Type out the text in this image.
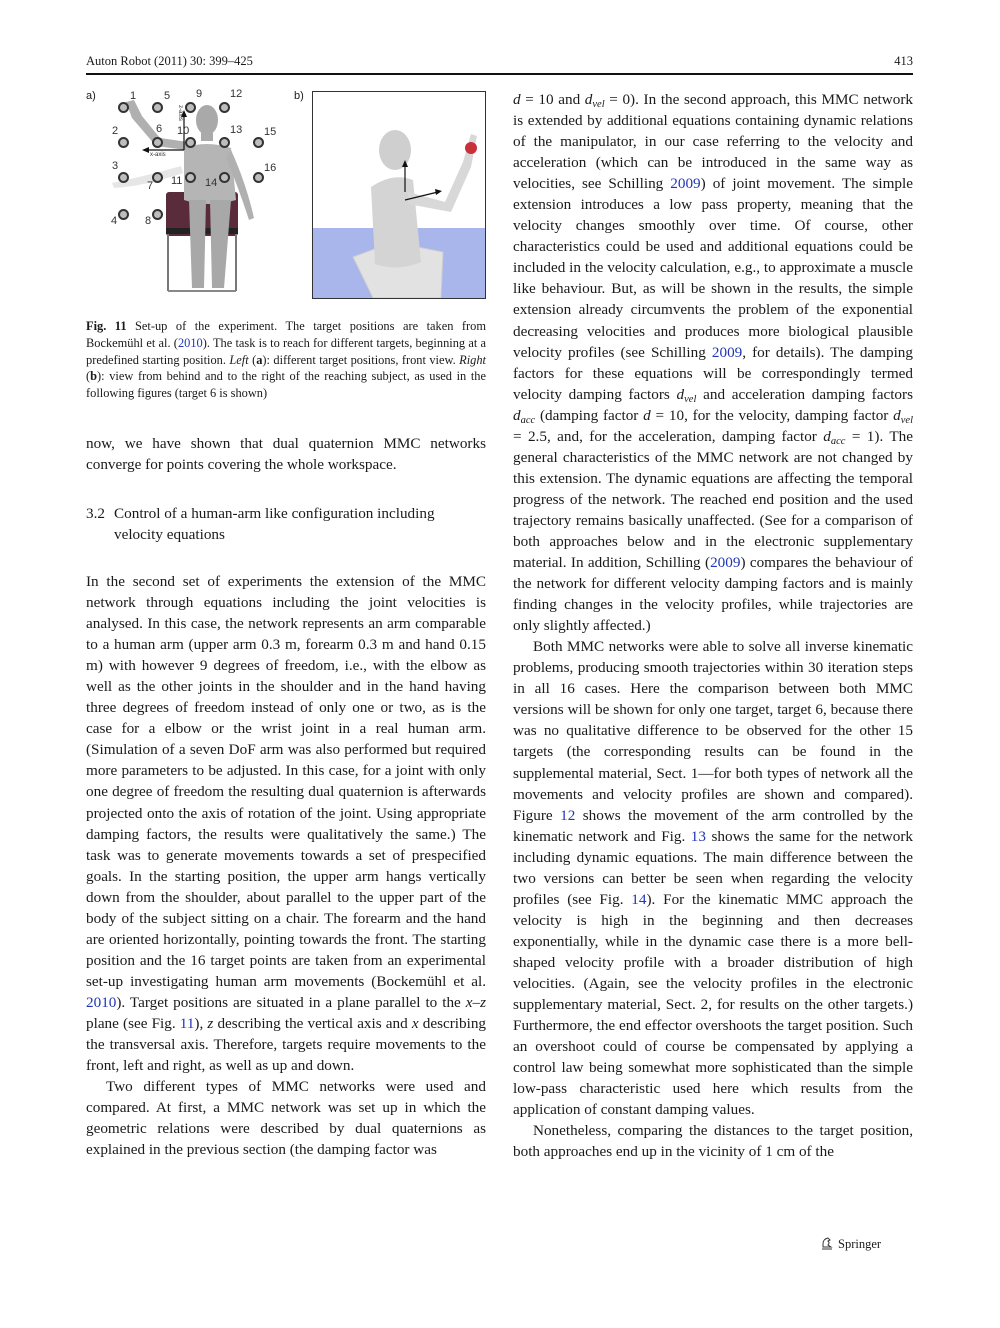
Auton Robot (2011) 30: 399–425	413
a)
z-axis
x-axis
1	5 9	12
2	6 10	13 15
3
7 11 14
16
4	8
b)
Fig. 11 Set-up of the experiment. The target positions are taken from Bockemühl et al. (2010). The task is to reach for different targets, beginning at a predefined starting position. Left (a): different target positions, front view. Right (b): view from behind and to the right of the reaching subject, as used in the following figures (target 6 is shown)

now, we have shown that dual quaternion MMC networks converge for points covering the whole workspace.

3.2 Control of a human-arm like configuration including velocity equations

In the second set of experiments the extension of the MMC network through equations including the joint velocities is analysed. In this case, the network represents an arm comparable to a human arm (upper arm 0.3 m, forearm 0.3 m and hand 0.15 m) with however 9 degrees of freedom, i.e., with the elbow as well as the other joints in the shoulder and in the hand having three degrees of freedom instead of only one or two, as is the case for a elbow or the wrist joint in a real human arm. (Simulation of a seven DoF arm was also performed but required more parameters to be adjusted. In this case, for a joint with only one degree of freedom the resulting dual quaternion is afterwards projected onto the axis of rotation of the joint. Using appropriate damping factors, the results were qualitatively the same.) The task was to generate movements towards a set of prespecified goals. In the starting position, the upper arm hangs vertically down from the shoulder, about parallel to the upper part of the body of the subject sitting on a chair. The forearm and the hand are oriented horizontally, pointing towards the front. The starting position and the 16 target points are taken from an experimental set-up investigating human arm movements (Bockemühl et al. 2010). Target positions are situated in a plane parallel to the x–z plane (see Fig. 11), z describing the vertical axis and x describing the transversal axis. Therefore, targets require movements to the front, left and right, as well as up and down.

Two different types of MMC networks were used and compared. At first, a MMC network was set up in which the geometric relations were described by dual quaternions as explained in the previous section (the damping factor was

d = 10 and $d_{vel} = 0$). In the second approach, this MMC network is extended by additional equations containing dynamic relations of the manipulator, in our case referring to the velocity and acceleration (which can be introduced in the same way as velocities, see Schilling 2009) of joint movement. The simple extension introduces a low pass property, meaning that the velocity changes smoothly over time. Of course, other characteristics could be used and additional equations could be included in the velocity calculation, e.g., to approximate a muscle like behaviour. But, as will be shown in the results, the simple extension already circumvents the problem of the exponential decreasing velocities and produces more biological plausible velocity profiles (see Schilling 2009, for details). The damping factors for these equations will be correspondingly termed velocity damping factors $d_{vel}$ and acceleration damping factors $d_{acc}$ (damping factor d = 10, for the velocity, damping factor $d_{vel} = 2.5$, and, for the acceleration, damping factor $d_{acc} = 1$). The general characteristics of the MMC network are not changed by this extension. The dynamic equations are affecting the temporal progress of the network. The reached end position and the used trajectory remains basically unaffected. (See for a comparison of both approaches below and in the electronic supplementary material. In addition, Schilling (2009) compares the behaviour of the network for different velocity damping factors and is mainly finding changes in the velocity profiles, while trajectories are only slightly affected.)

Both MMC networks were able to solve all inverse kinematic problems, producing smooth trajectories within 30 iteration steps in all 16 cases. Here the comparison between both MMC versions will be shown for only one target, target 6, because there was no qualitative difference to be observed for the other 15 targets (the corresponding results can be found in the supplemental material, Sect. 1—for both types of network all the movements and velocity profiles are shown and compared). Figure 12 shows the movement of the arm controlled by the kinematic network and Fig. 13 shows the same for the network including dynamic equations. The main difference between the two versions can better be seen when regarding the velocity profiles (see Fig. 14). For the kinematic MMC approach the velocity is high in the beginning and then decreases exponentially, while in the dynamic case there is a more bell-shaped velocity profile with a broader distribution of high velocities. (Again, see the velocity profiles in the electronic supplementary material, Sect. 2, for results on the other targets.) Furthermore, the end effector overshoots the target position. Such an overshoot could of course be compensated by applying a control law being somewhat more sophisticated than the simple low-pass characteristic used here which results from the application of constant damping values.

Nonetheless, comparing the distances to the target position, both approaches end up in the vicinity of 1 cm of the

Springer
